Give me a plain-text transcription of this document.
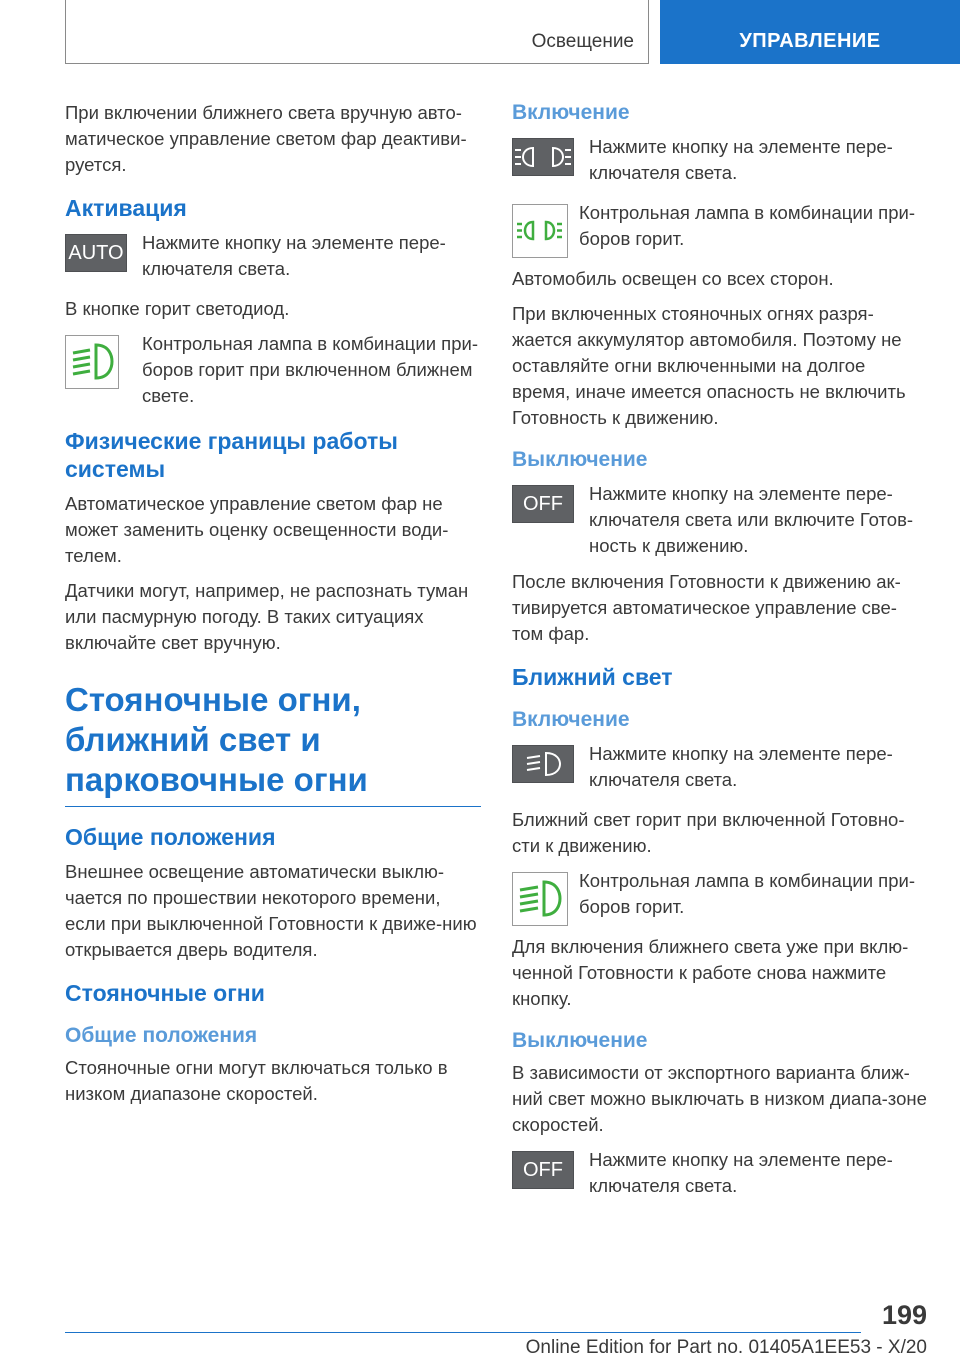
Освещение	УПРАВЛЕНИЕ

При включении ближнего света вручную авто-матическое управление светом фар деактиви-руется.

Активация
AUTO Нажмите кнопку на элементе пере-ключателя света.

В кнопке горит светодиод.

Контрольная лампа в комбинации при-боров горит при включенном ближнем свете.

Физические границы работы системы

Автоматическое управление светом фар не может заменить оценку освещенности води-телем.

Датчики могут, например, не распознать туман или пасмурную погоду. В таких ситуациях включайте свет вручную.

Стояночные огни, ближний свет и парковочные огни
Общие положения

Внешнее освещение автоматически выклю-чается по прошествии некоторого времени, если при выключенной Готовности к движе-нию открывается дверь водителя.

Стояночные огни
Общие положения

Стояночные огни могут включаться только в низком диапазоне скоростей.

Включение

Нажмите кнопку на элементе пере-ключателя света.

Контрольная лампа в комбинации при-боров горит.

Автомобиль освещен со всех сторон.

При включенных стояночных огнях разря-жается аккумулятор автомобиля. Поэтому не оставляйте огни включенными на долгое время, иначе имеется опасность не включить Готовность к движению.

Выключение
OFF	Нажмите кнопку на элементе пере-ключателя света или включите Готов-ность к движению.

После включения Готовности к движению ак-тивируется автоматическое управление све-том фар.

Ближний свет
Включение

Нажмите кнопку на элементе пере-ключателя света.

Ближний свет горит при включенной Готовно-сти к движению.

Контрольная лампа в комбинации при-боров горит.

Для включения ближнего света уже при вклю-ченной Готовности к работе снова нажмите кнопку.

Выключение

В зависимости от экспортного варианта ближ-ний свет можно выключать в низком диапа-зоне скоростей.

OFF	Нажмите кнопку на элементе пере-ключателя света.

199
Online Edition for Part no. 01405A1EE53 - X/20
